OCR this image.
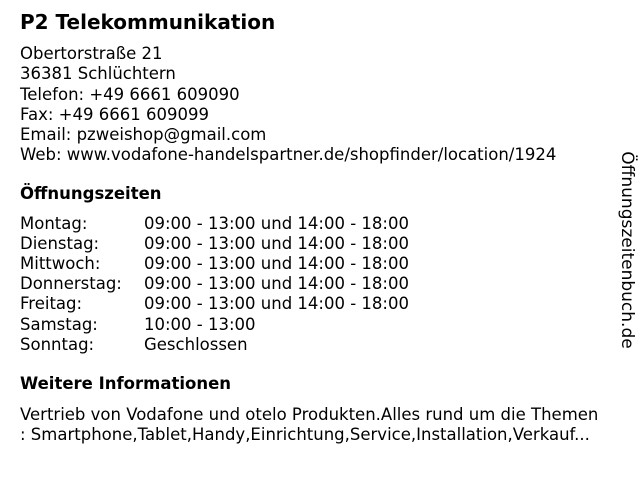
P2 Telekommunikation
Obertorstraße 21
36381 Schlüchtern
Telefon: +49 6661 609090
Fax: +49 6661 609099
Email: pzweishop@gmail.com
Web: www.vodafone-handelspartner.de/shopfinder/location/1924
Öffnungszeiten
Montag:	09:00 - 13:00 und 14:00 - 18:00
Dienstag:	09:00 - 13:00 und 14:00 - 18:00
Mittwoch:	09:00 - 13:00 und 14:00 - 18:00
Donnerstag: 09:00 - 13:00 und 14:00 - 18:00
Freitag:	09:00 - 13:00 und 14:00 - 18:00
Samstag:	10:00 - 13:00
Sonntag:	Geschlossen
Weitere Informationen
Vertrieb von Vodafone und otelo Produkten.Alles rund um die Themen
: Smartphone,Tablet,Handy,Einrichtung,Service,Installation,Verkauf...
Öffnungszeitenbuch.de
